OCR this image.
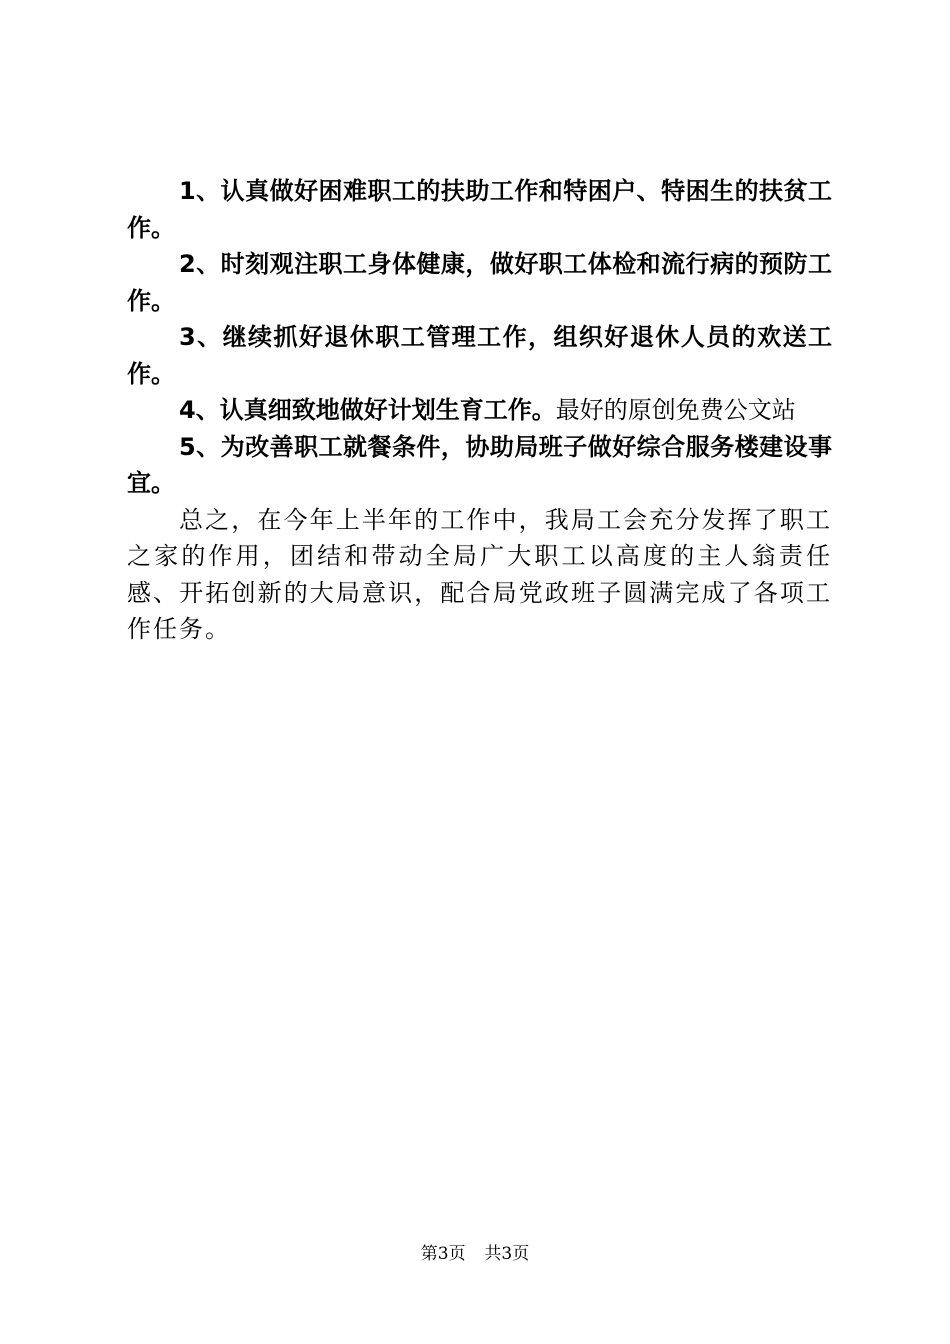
1、认真做好困难职工的扶助工作和特困户、特困生的扶贫工作。

2、时刻观注职工身体健康，做好职工体检和流行病的预防工作。

3、继续抓好退休职工管理工作，组织好退休人员的欢送工作。

4、认真细致地做好计划生育工作。最好的原创免费公文站

5、为改善职工就餐条件，协助局班子做好综合服务楼建设事宜。

总之，在今年上半年的工作中，我局工会充分发挥了职工之家的作用，团结和带动全局广大职工以高度的主人翁责任感、开拓创新的大局意识，配合局党政班子圆满完成了各项工作任务。

第3页 共3页
